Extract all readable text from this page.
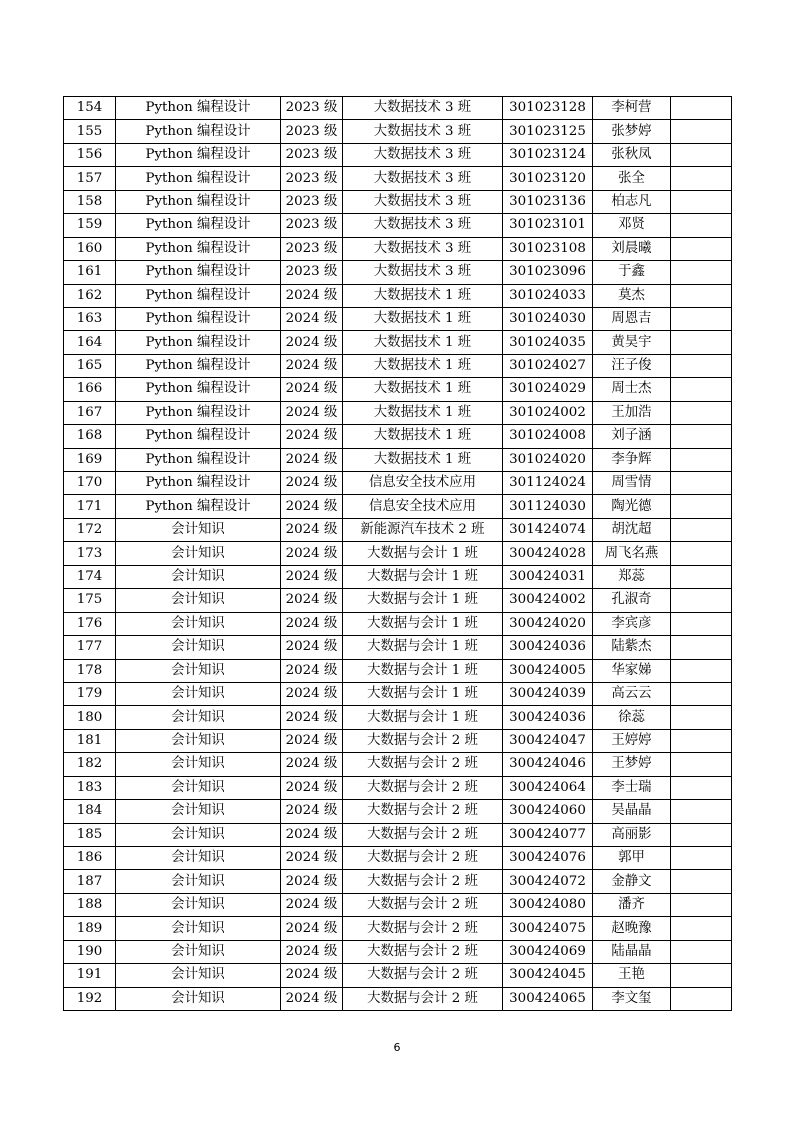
154	Python 编程设计	2023 级	大数据技术 3 班	301023128	李柯营	
155	Python 编程设计	2023 级	大数据技术 3 班	301023125	张梦婷	
156	Python 编程设计	2023 级	大数据技术 3 班	301023124	张秋凤	
157	Python 编程设计	2023 级	大数据技术 3 班	301023120	张全	
158	Python 编程设计	2023 级	大数据技术 3 班	301023136	柏志凡	
159	Python 编程设计	2023 级	大数据技术 3 班	301023101	邓贤	
160	Python 编程设计	2023 级	大数据技术 3 班	301023108	刘晨曦	
161	Python 编程设计	2023 级	大数据技术 3 班	301023096	于鑫	
162	Python 编程设计	2024 级	大数据技术 1 班	301024033	莫杰	
163	Python 编程设计	2024 级	大数据技术 1 班	301024030	周恩吉	
164	Python 编程设计	2024 级	大数据技术 1 班	301024035	黄昊宇	
165	Python 编程设计	2024 级	大数据技术 1 班	301024027	汪子俊	
166	Python 编程设计	2024 级	大数据技术 1 班	301024029	周士杰	
167	Python 编程设计	2024 级	大数据技术 1 班	301024002	王加浩	
168	Python 编程设计	2024 级	大数据技术 1 班	301024008	刘子涵	
169	Python 编程设计	2024 级	大数据技术 1 班	301024020	李争辉	
170	Python 编程设计	2024 级	信息安全技术应用	301124024	周雪情	
171	Python 编程设计	2024 级	信息安全技术应用	301124030	陶光德	
172	会计知识	2024 级	新能源汽车技术 2 班	301424074	胡沈超	
173	会计知识	2024 级	大数据与会计 1 班	300424028	周飞名燕	
174	会计知识	2024 级	大数据与会计 1 班	300424031	郑蕊	
175	会计知识	2024 级	大数据与会计 1 班	300424002	孔淑奇	
176	会计知识	2024 级	大数据与会计 1 班	300424020	李宾彦	
177	会计知识	2024 级	大数据与会计 1 班	300424036	陆紫杰	
178	会计知识	2024 级	大数据与会计 1 班	300424005	华家娣	
179	会计知识	2024 级	大数据与会计 1 班	300424039	高云云	
180	会计知识	2024 级	大数据与会计 1 班	300424036	徐蕊	
181	会计知识	2024 级	大数据与会计 2 班	300424047	王婷婷	
182	会计知识	2024 级	大数据与会计 2 班	300424046	王梦婷	
183	会计知识	2024 级	大数据与会计 2 班	300424064	李士瑞	
184	会计知识	2024 级	大数据与会计 2 班	300424060	吴晶晶	
185	会计知识	2024 级	大数据与会计 2 班	300424077	高丽影	
186	会计知识	2024 级	大数据与会计 2 班	300424076	郭甲	
187	会计知识	2024 级	大数据与会计 2 班	300424072	金静文	
188	会计知识	2024 级	大数据与会计 2 班	300424080	潘齐	
189	会计知识	2024 级	大数据与会计 2 班	300424075	赵晚豫	
190	会计知识	2024 级	大数据与会计 2 班	300424069	陆晶晶	
191	会计知识	2024 级	大数据与会计 2 班	300424045	王艳	
192	会计知识	2024 级	大数据与会计 2 班	300424065	李文玺	
6
